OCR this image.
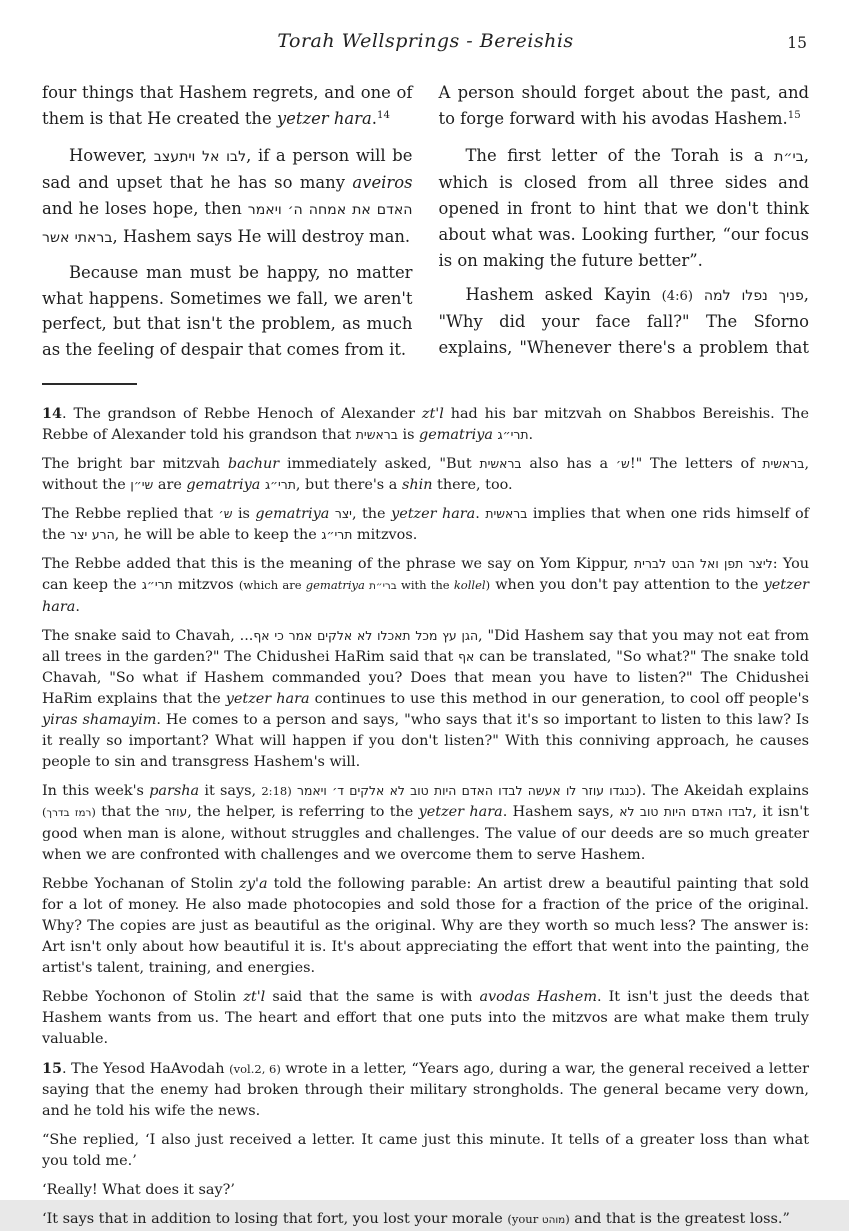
Torah Wellsprings - Bereishis	15

four things that Hashem regrets, and one of them is that He created the yetzer hara.$^{14}$

However, ויתעצב אל לבו, if a person will be sad and upset that he has so many aveiros and he loses hope, then ויאמר ה׳ אמחה את האדם אשר בראתי, Hashem says He will destroy man.

Because man must be happy, no matter what happens. Sometimes we fall, we aren't perfect, but that isn't the problem, as much as the feeling of despair that comes from it.

A person should forget about the past, and to forge forward with his avodas Hashem.$^{15}$

The first letter of the Torah is a בי״ת, which is closed from all three sides and opened in front to hint that we don't think about what was. Looking further, “our focus is on making the future better”.

Hashem asked Kayin (4:6) למה נפלו פניך, "Why did your face fall?" The Sforno explains, "Whenever there's a problem that

14. The grandson of Rebbe Henoch of Alexander zt'l had his bar mitzvah on Shabbos Bereishis. The Rebbe of Alexander told his grandson that בראשית is gematriya תרי״ג.

The bright bar mitzvah bachur immediately asked, "But בראשית also has a ש׳!" The letters of בראשית, without the שי״ן are gematriya תרי״ג, but there's a shin there, too.

The Rebbe replied that ש׳ is gematriya יצר, the yetzer hara. בראשית implies that when one rids himself of the יצר הרע, he will be able to keep the תרי״ג mitzvos.

The Rebbe added that this is the meaning of the phrase we say on Yom Kippur, לברית הבט ואל תפן ליצר: You can keep the תרי״ג mitzvos (which are gematriya ברי״ת with the kollel) when you don't pay attention to the yetzer hara.

The snake said to Chavah, ...אף כי אמר אלקים לא תאכלו מכל עץ הגן, "Did Hashem say that you may not eat from all trees in the garden?" The Chidushei HaRim said that אף can be translated, "So what?" The snake told Chavah, "So what if Hashem commanded you? Does that mean you have to listen?" The Chidushei HaRim explains that the yetzer hara continues to use this method in our generation, to cool off people's yiras shamayim. He comes to a person and says, "who says that it's so important to listen to this law? Is it really so important? What will happen if you don't listen?" With this conniving approach, he causes people to sin and transgress Hashem's will.

In this week's parsha it says, 2:18) ויאמר ד׳ אלקים לא טוב היות האדם לבדו אעשה לו עוזר כנגדו). The Akeidah explains (בדרך רמז) that the עוזר, the helper, is referring to the yetzer hara. Hashem says, לא טוב היות האדם לבדו, it isn't good when man is alone, without struggles and challenges. The value of our deeds are so much greater when we are confronted with challenges and we overcome them to serve Hashem.

Rebbe Yochanan of Stolin zy'a told the following parable: An artist drew a beautiful painting that sold for a lot of money. He also made photocopies and sold those for a fraction of the price of the original. Why? The copies are just as beautiful as the original. Why are they worth so much less? The answer is: Art isn't only about how beautiful it is. It's about appreciating the effort that went into the painting, the artist's talent, training, and energies.

Rebbe Yochonon of Stolin zt'l said that the same is with avodas Hashem. It isn't just the deeds that Hashem wants from us. The heart and effort that one puts into the mitzvos are what make them truly valuable.

15. The Yesod HaAvodah (vol.2, 6) wrote in a letter, “Years ago, during a war, the general received a letter saying that the enemy had broken through their military strongholds. The general became very down, and he told his wife the news.

“She replied, ‘I also just received a letter. It came just this minute. It tells of a greater loss than what you told me.’

‘Really! What does it say?’

‘It says that in addition to losing that fort, you lost your morale (your מוהט) and that is the greatest loss.”
